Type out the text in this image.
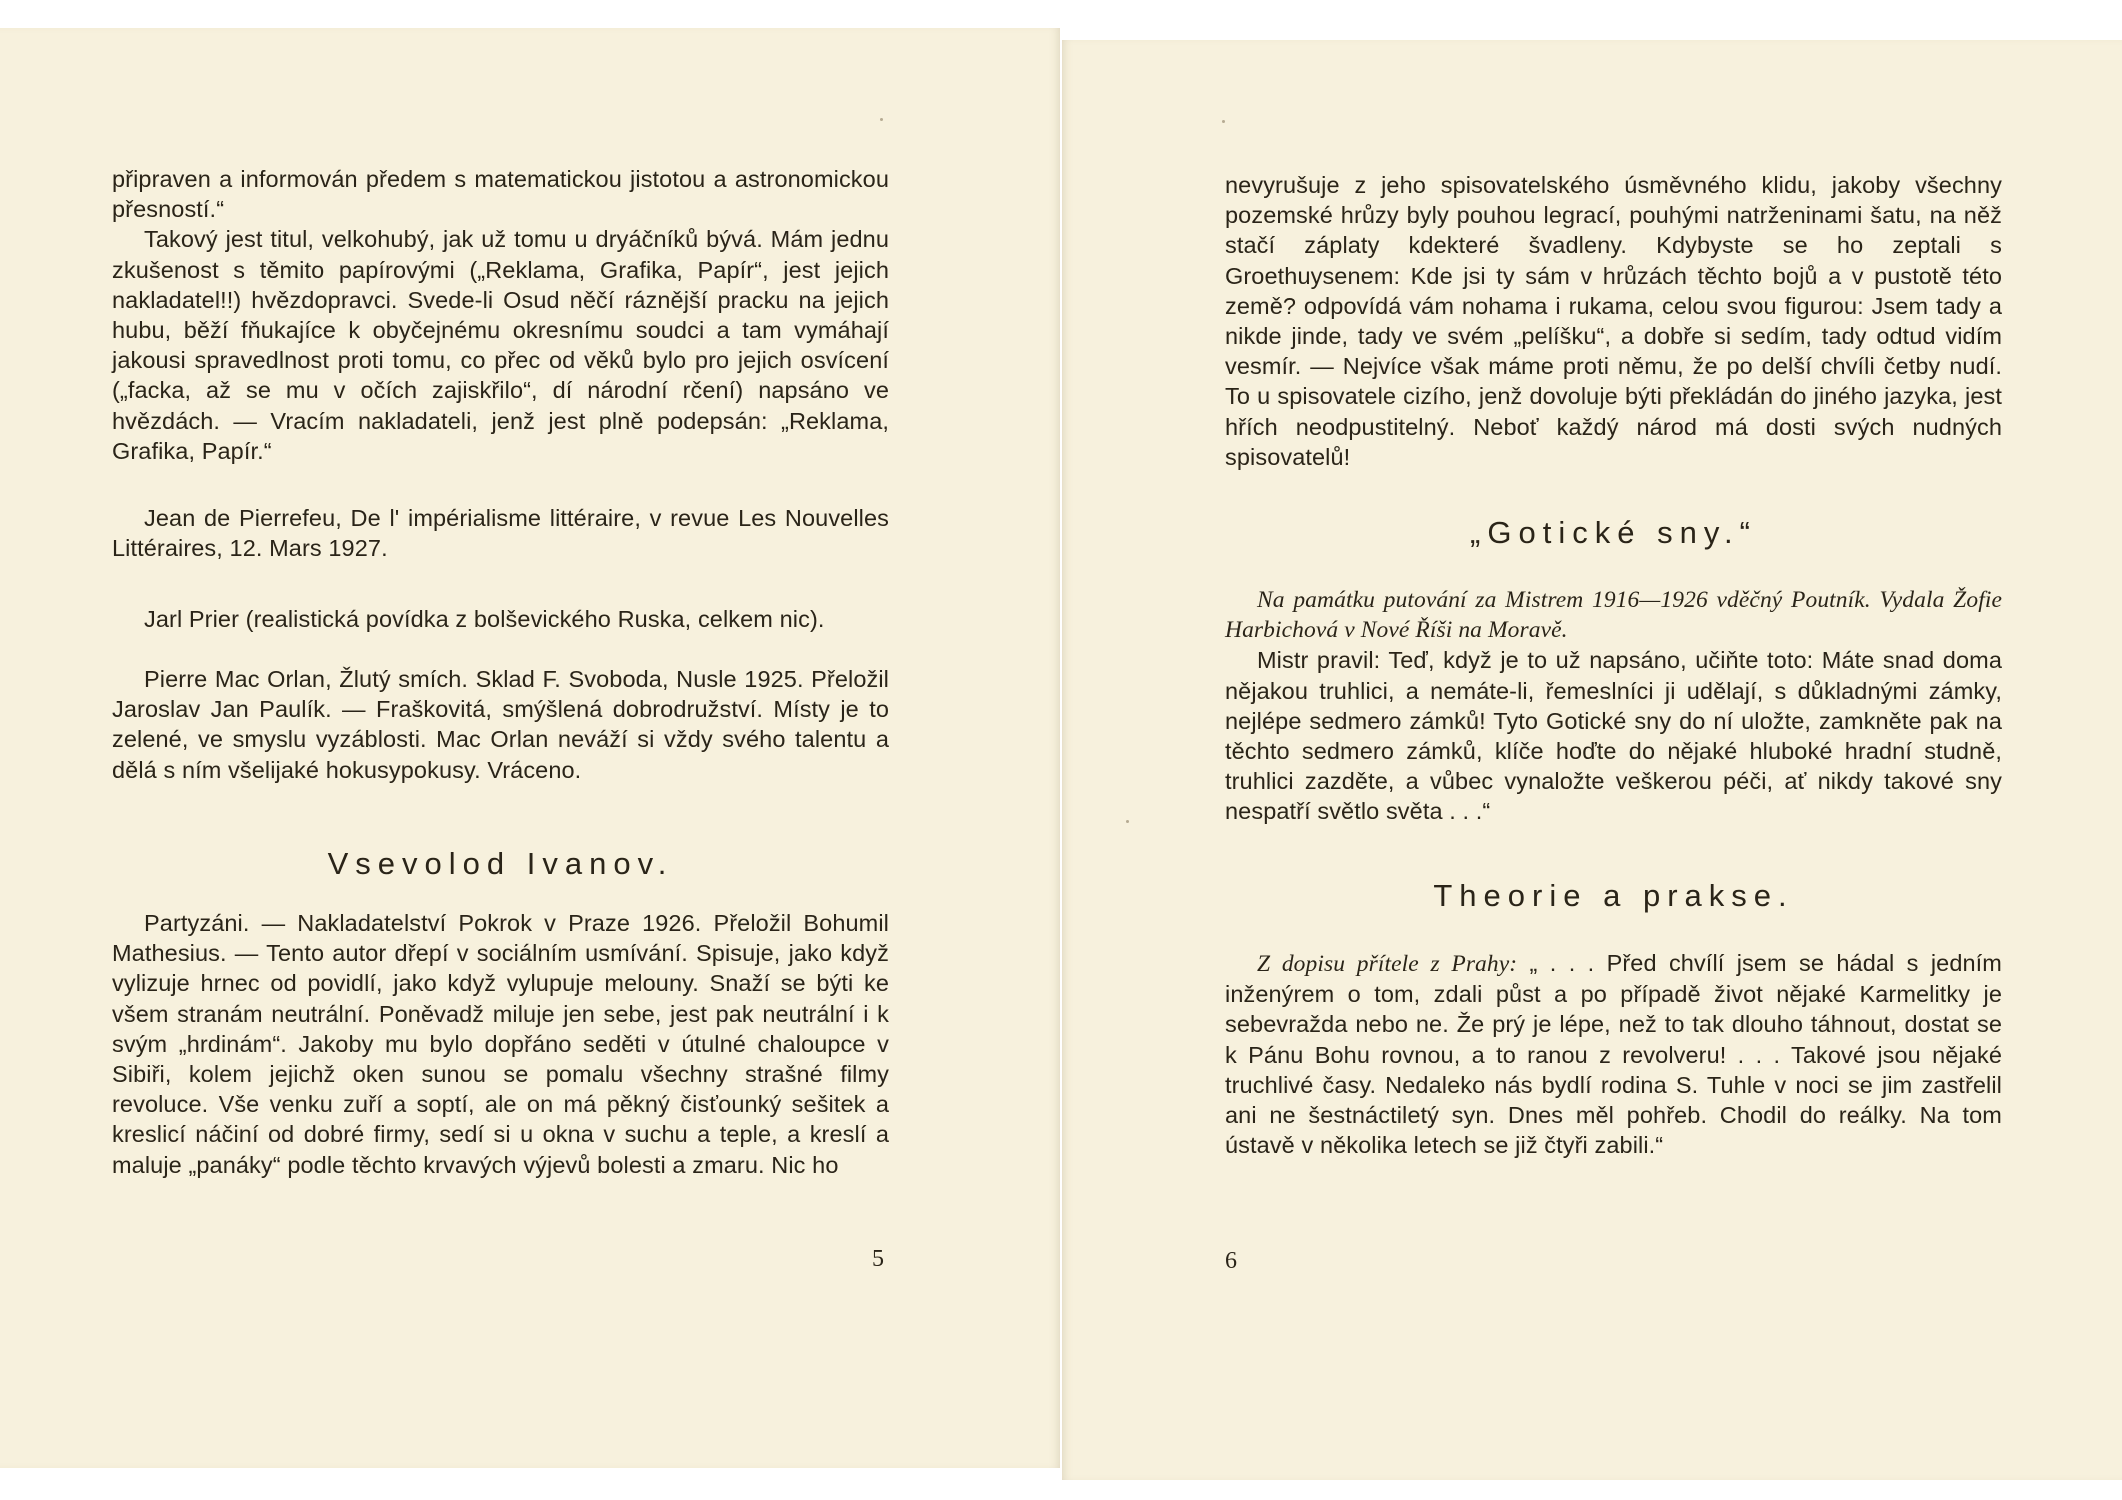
připraven a informován předem s matematickou jistotou a astronomickou přesností.“

Takový jest titul, velkohubý, jak už tomu u dryáčníků bývá. Mám jednu zkušenost s těmito papírovými („Reklama, Grafika, Papír“, jest jejich nakladatel!!) hvězdopravci. Svede-li Osud něčí ráznější pracku na jejich hubu, běží fňukajíce k obyčejnému okresnímu soudci a tam vymáhají jakousi spravedlnost proti tomu, co přec od věků bylo pro jejich osvícení („facka, až se mu v očích zajiskřilo“, dí národní rčení) napsáno ve hvězdách. — Vracím nakladateli, jenž jest plně podepsán: „Reklama, Grafika, Papír.“

Jean de Pierrefeu, De l' impérialisme littéraire, v revue Les Nouvelles Littéraires, 12. Mars 1927.

Jarl Prier (realistická povídka z bolševického Ruska, celkem nic).

Pierre Mac Orlan, Žlutý smích. Sklad F. Svoboda, Nusle 1925. Přeložil Jaroslav Jan Paulík. — Fraškovitá, smýšlená dobrodružství. Místy je to zelené, ve smyslu vyzáblosti. Mac Orlan neváží si vždy svého talentu a dělá s ním všelijaké hokusypokusy. Vráceno.

Vsevolod Ivanov.

Partyzáni. — Nakladatelství Pokrok v Praze 1926. Přeložil Bohumil Mathesius. — Tento autor dřepí v sociálním usmívání. Spisuje, jako když vylizuje hrnec od povidlí, jako když vylupuje melouny. Snaží se býti ke všem stranám neutrální. Poněvadž miluje jen sebe, jest pak neutrální i k svým „hrdinám“. Jakoby mu bylo dopřáno seděti v útulné chaloupce v Sibiři, kolem jejichž oken sunou se pomalu všechny strašné filmy revoluce. Vše venku zuří a soptí, ale on má pěkný čisťounký sešitek a kreslicí náčiní od dobré firmy, sedí si u okna v suchu a teple, a kreslí a maluje „panáky“ podle těchto krvavých výjevů bolesti a zmaru. Nic ho

5

nevyrušuje z jeho spisovatelského úsměvného klidu, jakoby všechny pozemské hrůzy byly pouhou legrací, pouhými natrženinami šatu, na něž stačí záplaty kdekteré švadleny. Kdybyste se ho zeptali s Groethuysenem: Kde jsi ty sám v hrůzách těchto bojů a v pustotě této země? odpovídá vám nohama i rukama, celou svou figurou: Jsem tady a nikde jinde, tady ve svém „pelíšku“, a dobře si sedím, tady odtud vidím vesmír. — Nejvíce však máme proti němu, že po delší chvíli četby nudí. To u spisovatele cizího, jenž dovoluje býti překládán do jiného jazyka, jest hřích neodpustitelný. Neboť každý národ má dosti svých nudných spisovatelů!

„Gotické sny.“

Na památku putování za Mistrem 1916—1926 vděčný Poutník. Vydala Žofie Harbichová v Nové Říši na Moravě.

Mistr pravil: Teď, když je to už napsáno, učiňte toto: Máte snad doma nějakou truhlici, a nemáte-li, řemeslníci ji udělají, s důkladnými zámky, nejlépe sedmero zámků! Tyto Gotické sny do ní uložte, zamkněte pak na těchto sedmero zámků, klíče hoďte do nějaké hluboké hradní studně, truhlici zazděte, a vůbec vynaložte veškerou péči, ať nikdy takové sny nespatří světlo světa . . .“

Theorie a prakse.

Z dopisu přítele z Prahy: „ . . . Před chvílí jsem se hádal s jedním inženýrem o tom, zdali půst a po případě život nějaké Karmelitky je sebevražda nebo ne. Že prý je lépe, než to tak dlouho táhnout, dostat se k Pánu Bohu rovnou, a to ranou z revolveru! . . . Takové jsou nějaké truchlivé časy. Nedaleko nás bydlí rodina S. Tuhle v noci se jim zastřelil ani ne šestnáctiletý syn. Dnes měl pohřeb. Chodil do reálky. Na tom ústavě v několika letech se již čtyři zabili.“

6
